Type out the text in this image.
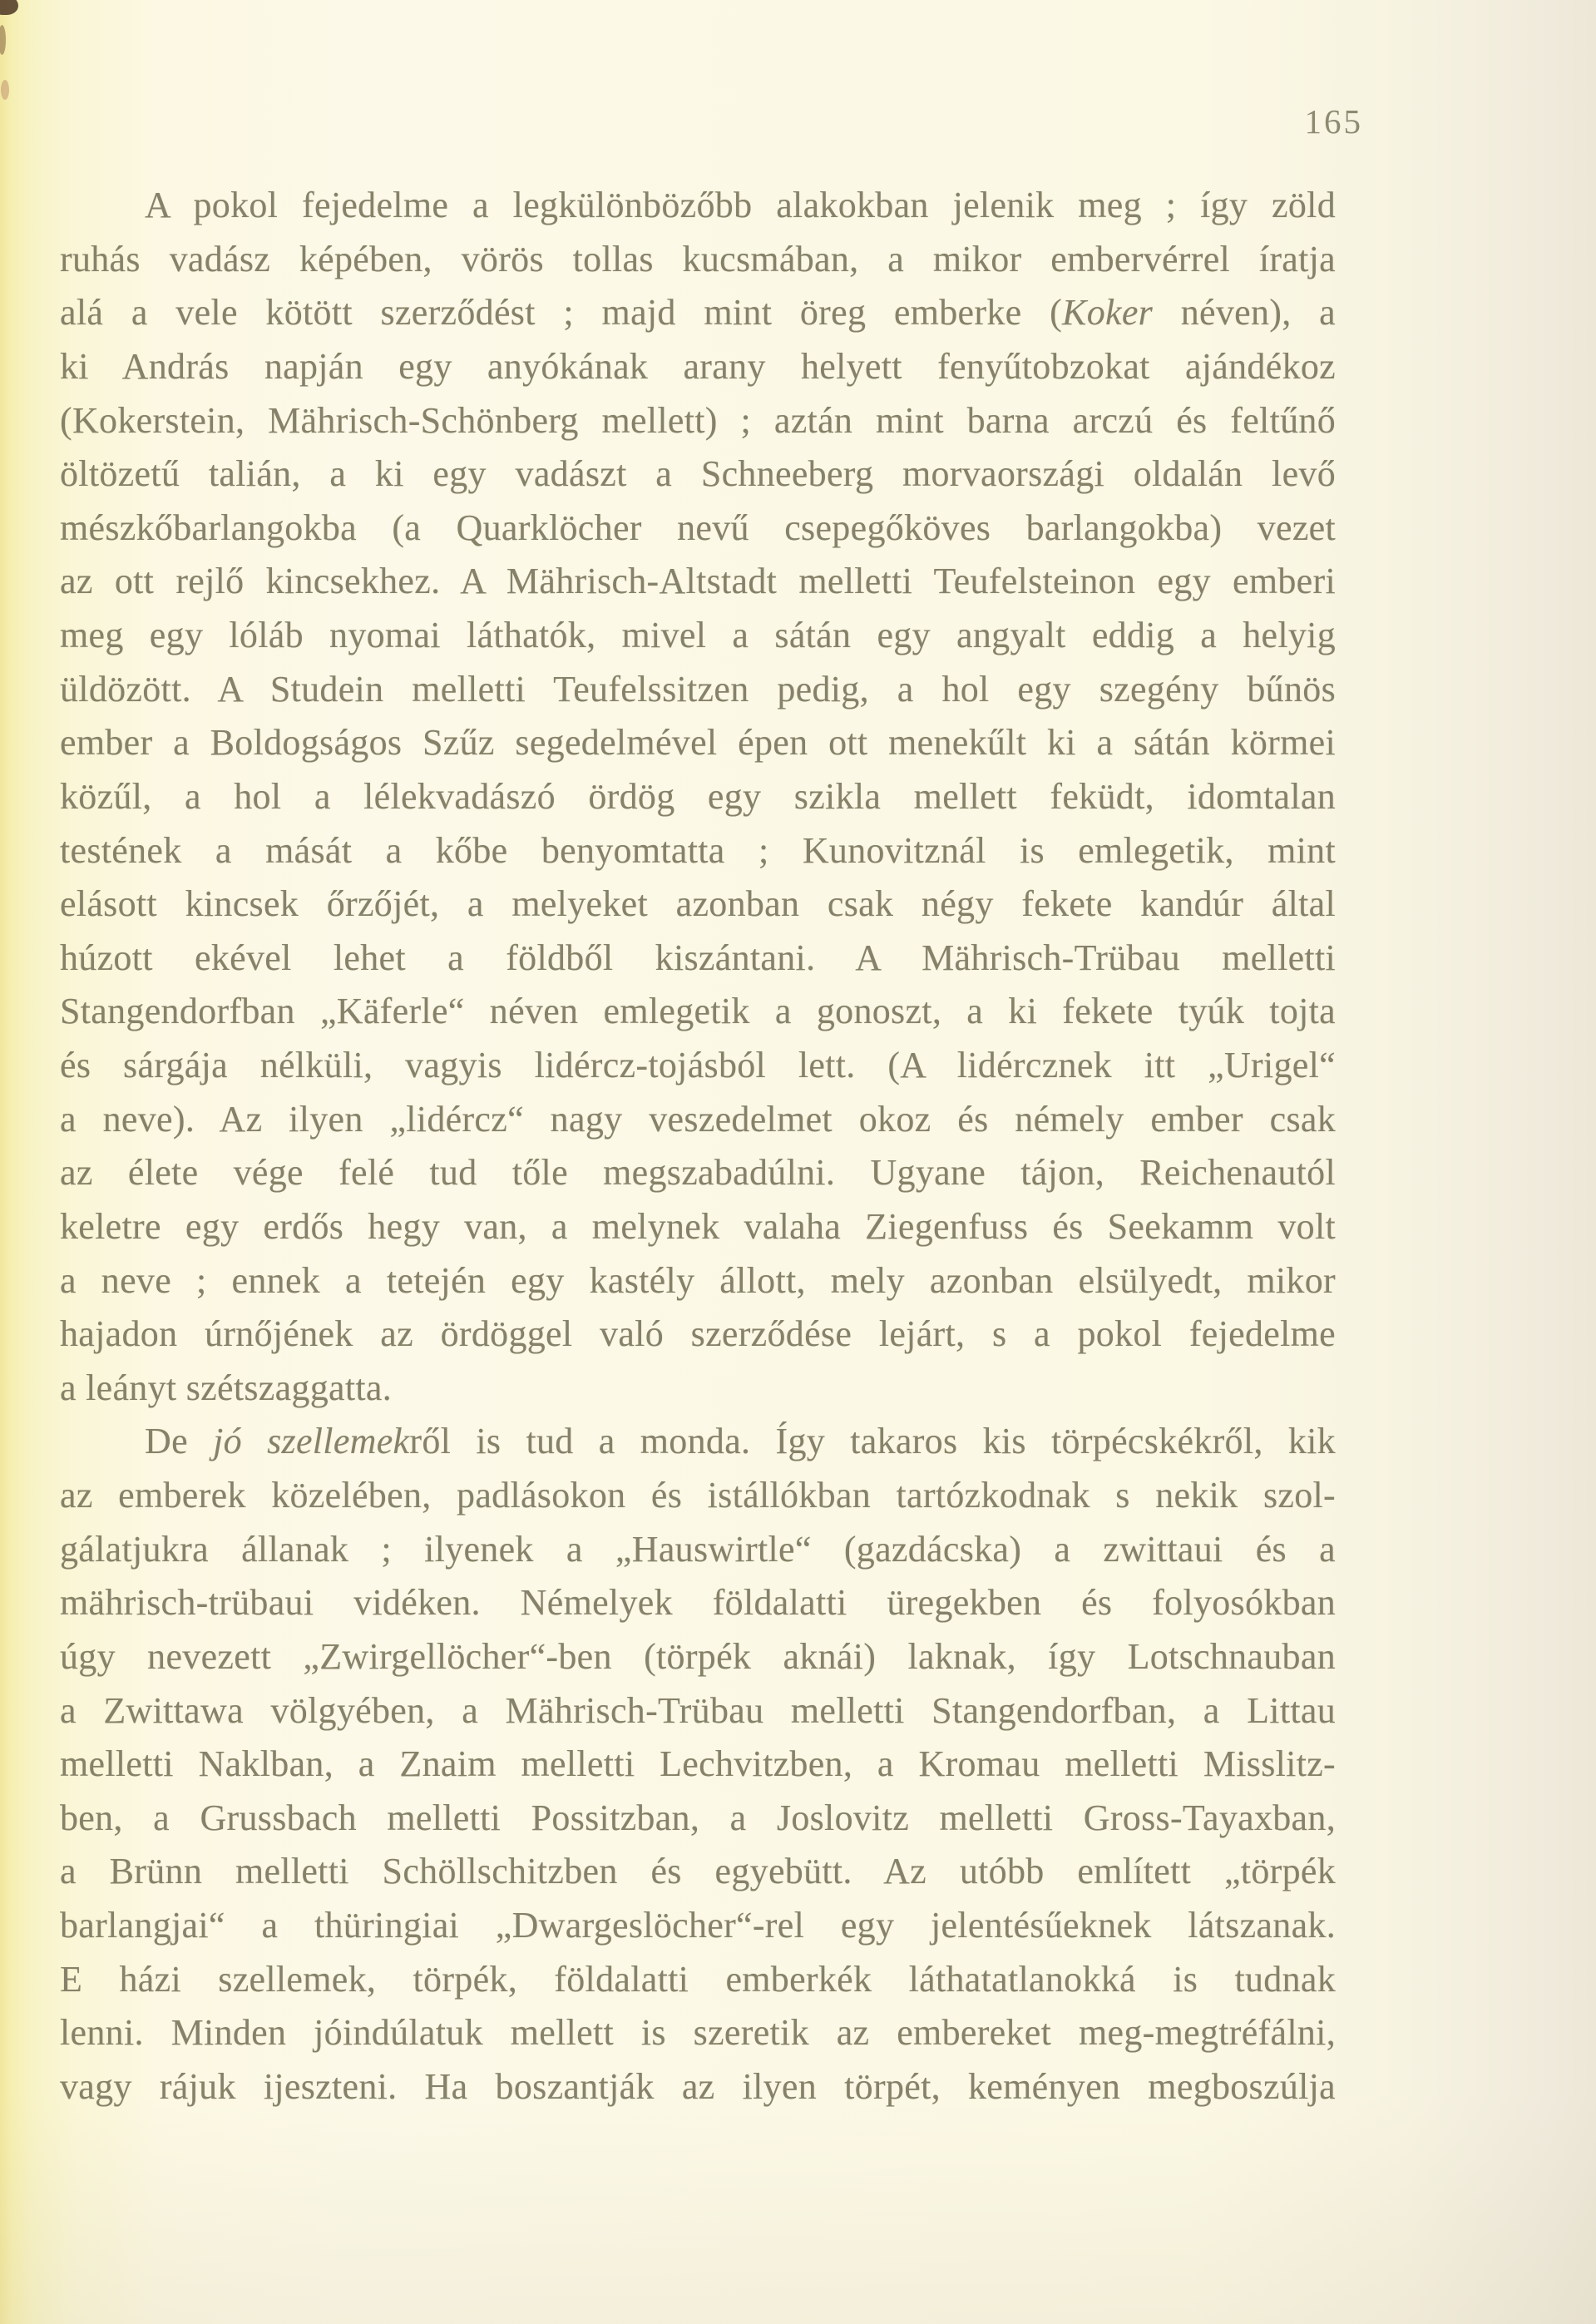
165
A pokol fejedelme a legkülönbözőbb alakokban jelenik meg ; így zöld
ruhás vadász képében, vörös tollas kucsmában, a mikor embervérrel íratja
alá a vele kötött szerződést ; majd mint öreg emberke (Koker néven), a
ki András napján egy anyókának arany helyett fenyűtobzokat ajándékoz
(Kokerstein, Mährisch-Schönberg mellett) ; aztán mint barna arczú és feltűnő
öltözetű talián, a ki egy vadászt a Schneeberg morvaországi oldalán levő
mészkőbarlangokba (a Quarklöcher nevű csepegőköves barlangokba) vezet
az ott rejlő kincsekhez. A Mährisch-Altstadt melletti Teufelsteinon egy emberi
meg egy lóláb nyomai láthatók, mivel a sátán egy angyalt eddig a helyig
üldözött. A Studein melletti Teufelssitzen pedig, a hol egy szegény bűnös
ember a Boldogságos Szűz segedelmével épen ott menekűlt ki a sátán körmei
közűl, a hol a lélekvadászó ördög egy szikla mellett feküdt, idomtalan
testének a mását a kőbe benyomtatta ; Kunovitznál is emlegetik, mint
elásott kincsek őrzőjét, a melyeket azonban csak négy fekete kandúr által
húzott ekével lehet a földből kiszántani. A Mährisch-Trübau melletti
Stangendorfban „Käferle“ néven emlegetik a gonoszt, a ki fekete tyúk tojta
és sárgája nélküli, vagyis lidércz-tojásból lett. (A lidércznek itt „Urigel“
a neve). Az ilyen „lidércz“ nagy veszedelmet okoz és némely ember csak
az élete vége felé tud tőle megszabadúlni. Ugyane tájon, Reichenautól
keletre egy erdős hegy van, a melynek valaha Ziegenfuss és Seekamm volt
a neve ; ennek a tetején egy kastély állott, mely azonban elsülyedt, mikor
hajadon úrnőjének az ördöggel való szerződése lejárt, s a pokol fejedelme
a leányt szétszaggatta.
De jó szellemekről is tud a monda. Így takaros kis törpécskékről, kik
az emberek közelében, padlásokon és istállókban tartózkodnak s nekik szol-
gálatjukra állanak ; ilyenek a „Hauswirtle“ (gazdácska) a zwittaui és a
mährisch-trübaui vidéken. Némelyek földalatti üregekben és folyosókban
úgy nevezett „Zwirgellöcher“-ben (törpék aknái) laknak, így Lotschnauban
a Zwittawa völgyében, a Mährisch-Trübau melletti Stangendorfban, a Littau
melletti Naklban, a Znaim melletti Lechvitzben, a Kromau melletti Misslitz-
ben, a Grussbach melletti Possitzban, a Joslovitz melletti Gross-Tayaxban,
a Brünn melletti Schöllschitzben és egyebütt. Az utóbb említett „törpék
barlangjai“ a thüringiai „Dwargeslöcher“-rel egy jelentésűeknek látszanak.
E házi szellemek, törpék, földalatti emberkék láthatatlanokká is tudnak
lenni. Minden jóindúlatuk mellett is szeretik az embereket meg-megtréfálni,
vagy rájuk ijeszteni. Ha boszantják az ilyen törpét, keményen megboszúlja
